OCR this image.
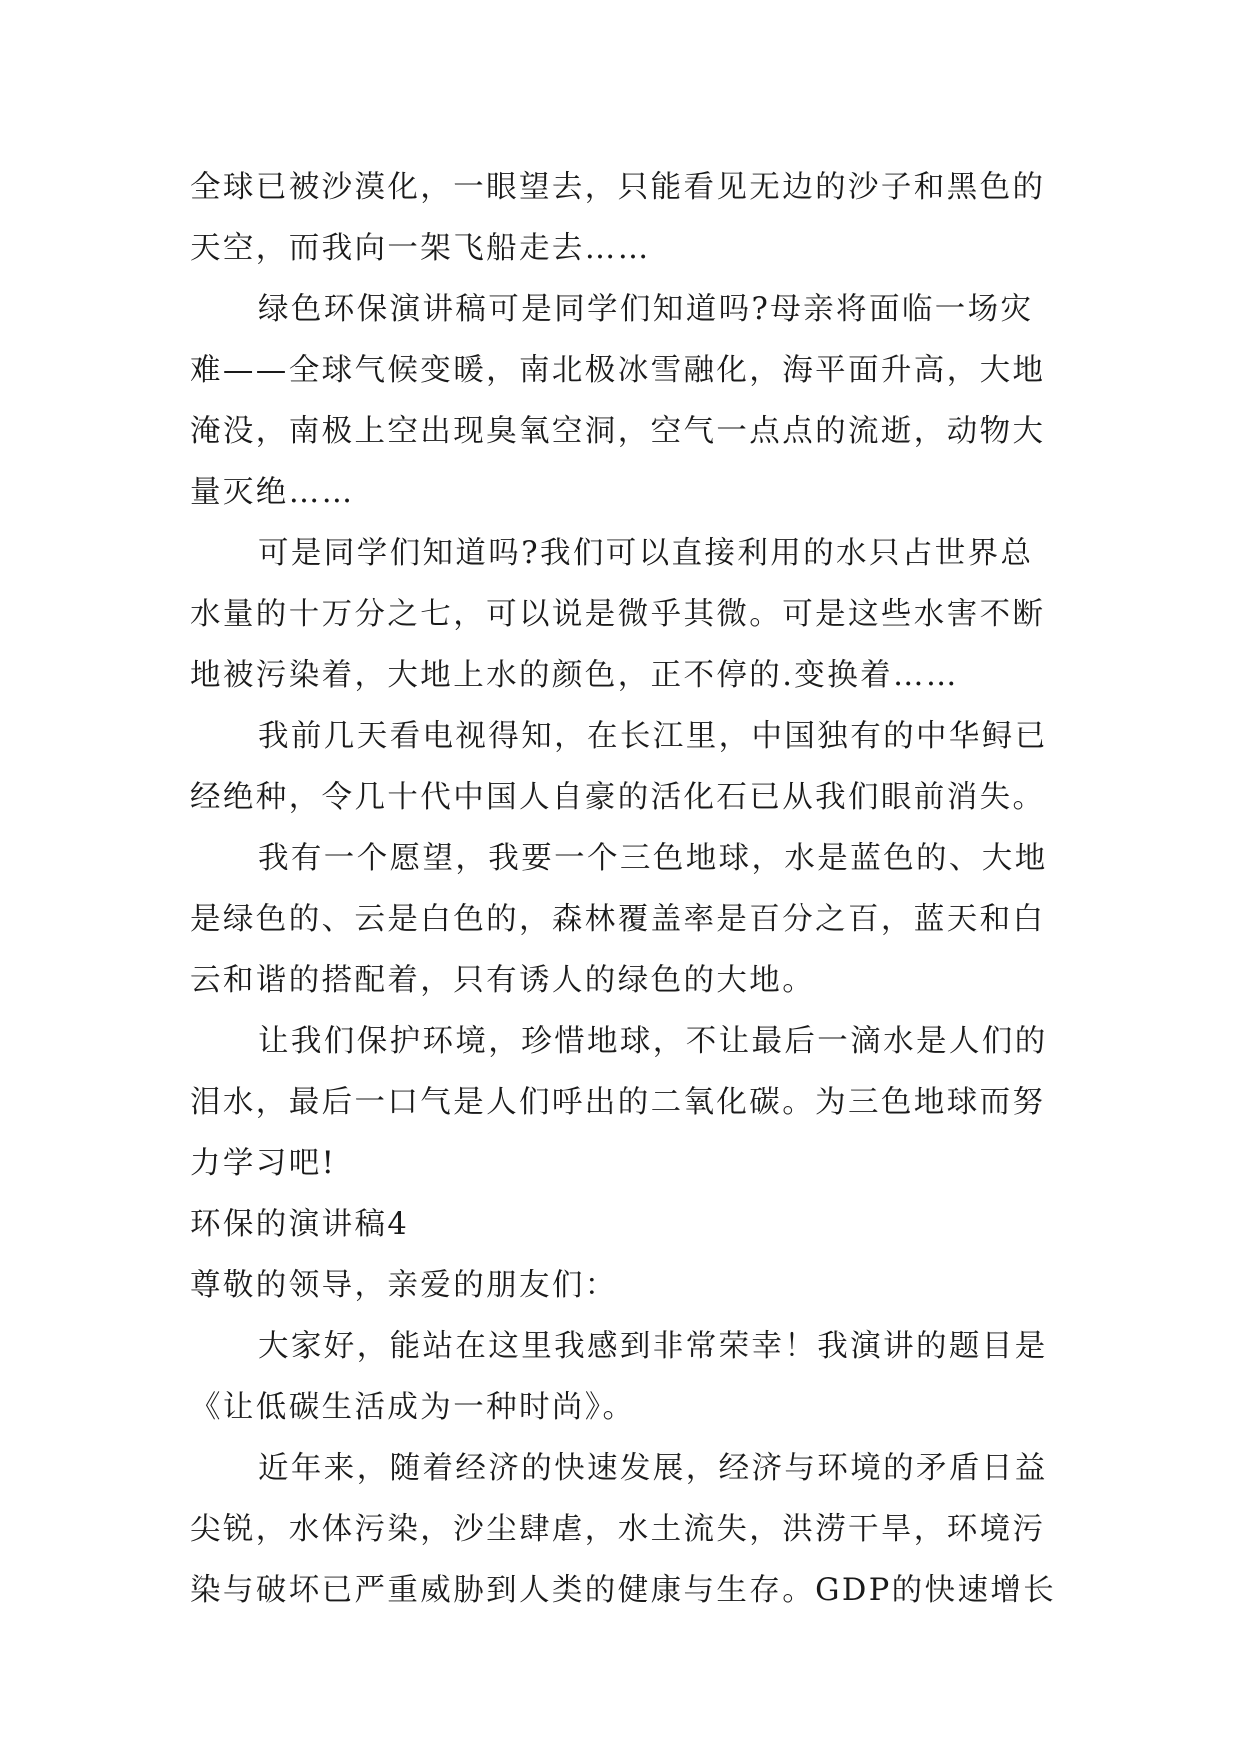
全球已被沙漠化，一眼望去，只能看见无边的沙子和黑色的
天空，而我向一架飞船走去……
绿色环保演讲稿可是同学们知道吗?母亲将面临一场灾
难——全球气候变暖，南北极冰雪融化，海平面升高，大地
淹没，南极上空出现臭氧空洞，空气一点点的流逝，动物大
量灭绝……
可是同学们知道吗?我们可以直接利用的水只占世界总
水量的十万分之七，可以说是微乎其微。可是这些水害不断
地被污染着，大地上水的颜色，正不停的.变换着……
我前几天看电视得知，在长江里，中国独有的中华鲟已
经绝种，令几十代中国人自豪的活化石已从我们眼前消失。
我有一个愿望，我要一个三色地球，水是蓝色的、大地
是绿色的、云是白色的，森林覆盖率是百分之百，蓝天和白
云和谐的搭配着，只有诱人的绿色的大地。
让我们保护环境，珍惜地球，不让最后一滴水是人们的
泪水，最后一口气是人们呼出的二氧化碳。为三色地球而努
力学习吧!
环保的演讲稿4
尊敬的领导，亲爱的朋友们：
大家好，能站在这里我感到非常荣幸！我演讲的题目是
《让低碳生活成为一种时尚》。
近年来，随着经济的快速发展，经济与环境的矛盾日益
尖锐，水体污染，沙尘肆虐，水土流失，洪涝干旱，环境污
染与破坏已严重威胁到人类的健康与生存。GDP的快速增长
